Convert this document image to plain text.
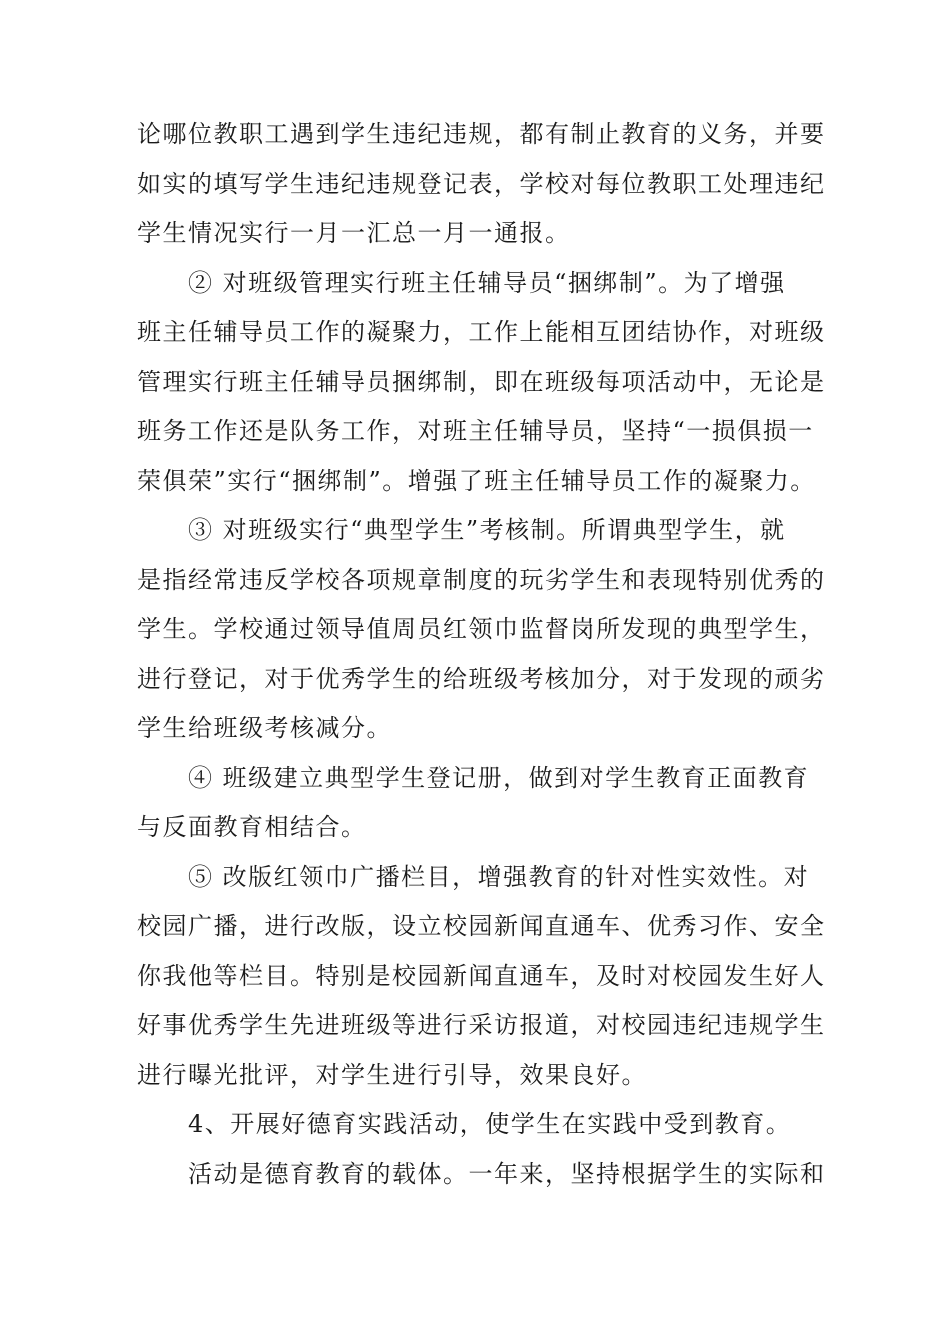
论哪位教职工遇到学生违纪违规，都有制止教育的义务，并要
如实的填写学生违纪违规登记表，学校对每位教职工处理违纪
学生情况实行一月一汇总一月一通报。
② 对班级管理实行班主任辅导员“捆绑制”。为了增强
班主任辅导员工作的凝聚力，工作上能相互团结协作，对班级
管理实行班主任辅导员捆绑制，即在班级每项活动中，无论是
班务工作还是队务工作，对班主任辅导员，坚持“一损俱损一
荣俱荣”实行“捆绑制”。增强了班主任辅导员工作的凝聚力。
③ 对班级实行“典型学生”考核制。所谓典型学生，就
是指经常违反学校各项规章制度的玩劣学生和表现特别优秀的
学生。学校通过领导值周员红领巾监督岗所发现的典型学生，
进行登记，对于优秀学生的给班级考核加分，对于发现的顽劣
学生给班级考核减分。
④ 班级建立典型学生登记册，做到对学生教育正面教育
与反面教育相结合。
⑤ 改版红领巾广播栏目，增强教育的针对性实效性。对
校园广播，进行改版，设立校园新闻直通车、优秀习作、安全
你我他等栏目。特别是校园新闻直通车，及时对校园发生好人
好事优秀学生先进班级等进行采访报道，对校园违纪违规学生
进行曝光批评，对学生进行引导，效果良好。
4、开展好德育实践活动，使学生在实践中受到教育。
活动是德育教育的载体。一年来，坚持根据学生的实际和
